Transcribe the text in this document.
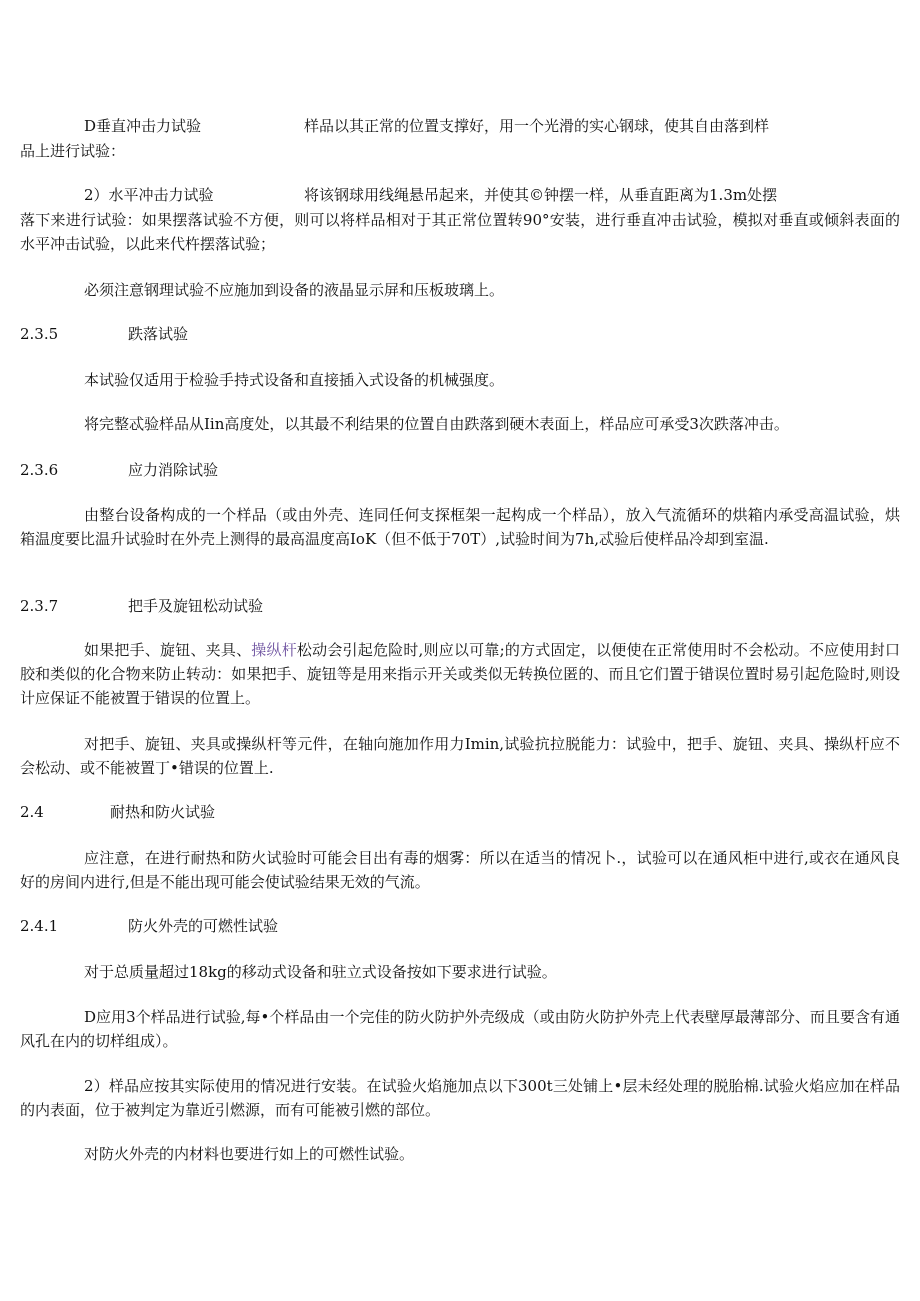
D垂直冲击力试验	样品以其正常的位置支撑好，用一个光滑的实心钢球，使其自由落到样
品上进行试验：
2）水平冲击力试验	将该钢球用线绳悬吊起来，并使其©钟摆一样，从垂直距离为1.3m处摆

落下来进行试验：如果摆落试验不方便，则可以将样品相对于其正常位置转90°安装，进行垂直冲击试验，模拟对垂直或倾斜表面的水平冲击试验，以此来代杵摆落试验；

必须注意钢理试验不应施加到设备的液晶显示屏和压板玻璃上。

2.3.5	跌落试验

本试验仅适用于检验手持式设备和直接插入式设备的机械强度。

将完整忒验样品从Iin高度处，以其最不利结果的位置自由跌落到硬木表面上，样品应可承受3次跌落冲击。

2.3.6	应力消除试验

由整台设备构成的一个样品（或由外壳、连同任何支探框架一起构成一个样品），放入气流循环的烘箱内承受高温试验，烘箱温度要比温升试验时在外壳上测得的最高温度高IoK（但不低于70T）,试验时间为7h,忒验后使样品冷却到室温.

2.3.7	把手及旋钮松动试验

如果把手、旋钮、夹具、操纵杆松动会引起危险时,则应以可靠;的方式固定，以便使在正常使用时不会松动。不应使用封口胶和类似的化合物来防止转动：如果把手、旋钮等是用来指示开关或类似无转换位匿的、而且它们置于错误位置时易引起危险时,则设计应保证不能被置于错误的位置上。

对把手、旋钮、夹具或操纵杆等元件，在轴向施加作用力Imin,试验抗拉脱能力：试验中，把手、旋钮、夹具、操纵杆应不会松动、或不能被置丁•错误的位置上.

2.4	耐热和防火试验

应注意，在进行耐热和防火试验时可能会目出有毒的烟雾：所以在适当的情况卜.，试验可以在通风柜中进行,或衣在通风良好的房间内进行,但是不能出现可能会使试验结果无效的气流。

2.4.1	防火外壳的可燃性试验

对于总质量超过18kg的移动式设备和驻立式设备按如下要求进行试验。

D应用3个样品进行试验,每•个样品由一个完佳的防火防护外壳级成（或由防火防护外壳上代表壁厚最薄部分、而且要含有通风孔在内的切样组成）。

2）样品应按其实际使用的情况进行安装。在试验火焰施加点以下300t三处铺上•层未经处理的脱胎棉.试验火焰应加在样品的内表面，位于被判定为靠近引燃源，而有可能被引燃的部位。

对防火外壳的内材料也要进行如上的可燃性试验。
